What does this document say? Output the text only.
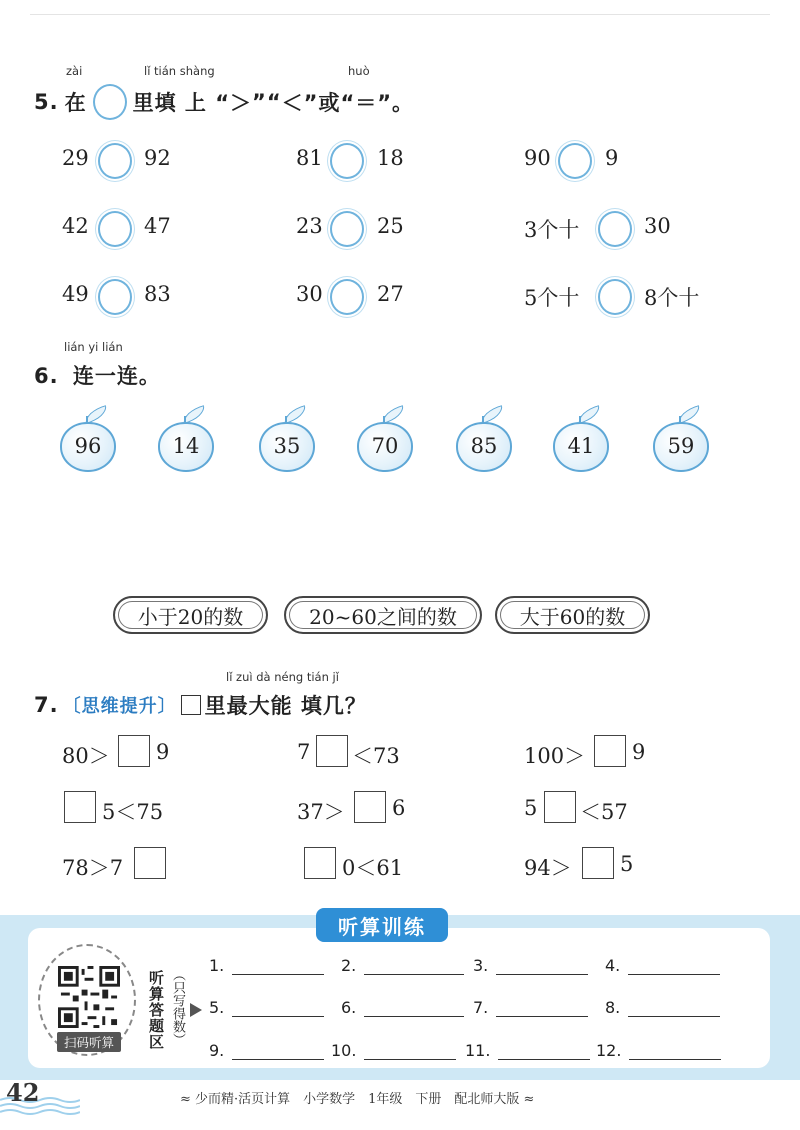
zài	lǐ tián shàng	huò
5. 在 里填 上 “ ＞ ”“ ＜ ”或“ ＝ ”。
29	92	81	18	90	9
42	47	23	25	3个十	30
49	83	30	27	5个十	8个十
lián yi lián
6. 连一连。
96	14	35	70	85	41	59
小于20的数	20~60之间的数	大于60的数
lǐ zuì dà néng tián jǐ
7. 〔思维提升〕 里最大能 填几？
80＞ 9	7 ＜73	100＞ 9
5＜75	37＞ 6	5 ＜57
78＞7	0＜61	94＞ 5
听算训练
扫码听算	听算答题区 （只写得数）
1.	2.	3.	4.
5.	6.	7.	8.
9.	10.	11.	12.
42	≈ 少而精·活页计算　小学数学　1年级　下册　配北师大版 ≈
